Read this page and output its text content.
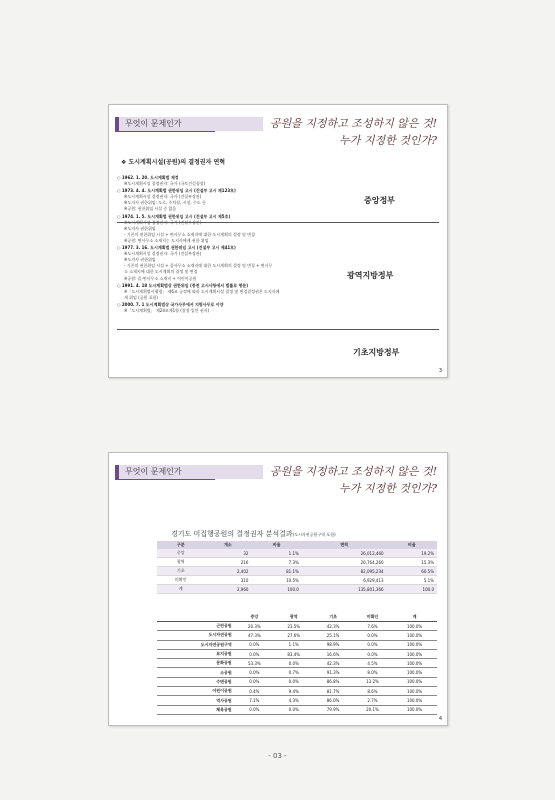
무엇이 문제인가	공원을 지정하고 조성하지 않은 것!
누가 지정한 것인가?
❖ 도시계획시설(공원)의 결정권자 연혁
○ 1962. 1. 20. 도시계획법 제정
※도시계획시설 결정권자: 국가 (국토건설청장)
○ 1973. 4. 4. 도시계획법 권한위임 고시 (건설부 고시 제123호)
※도시계획시설 결정권자: 국가 (건설부장관)
※도지사 권한위임: 도로, 주차장, 시장, 수도 등
※공원: 권한위임 시설 중 없음
○ 1974. 1. 5. 도시계획법 권한위임 고시 (건설부 고시 제5호)
※도시계획시설 결정권자: 국가 (건설부장관)
※도지사 권한위임
- 기존의 권한위임 시설 + 면사무소 소재지에 대한 도시계획의 결정 및 변경
※공원: 면사무소 소재지는 도지사에게 권한 위임
○ 1977. 3. 16. 도시계획법 권한위임 고시 (건설부 고시 제41호)
※도시계획시설 결정권자: 국가 (건설부장관)
※도지사 권한위임
- 기존의 권한위임 시설 + 읍사무소 소재지에 대한 도시계획의 결정 및 변경 + 면사무
소 소재지에 대한 도시계획의 결정 및 변경
※공원: 읍·면사무소 소재지 + 어린이공원
○ 1991. 4. 18 도시계획법상 권한위임 (종전 고시사항에서 법률로 명문)
※「도시계획법시행령」 제6조 규정에 따라 도시계획시설 결정 및 변경결정권은 도지사에
게 위임 (공원 포함)
○ 2000. 7. 1 도시계획법상 국가사무에서 지방사무로 이양
※「도시계획법」 제24조제1항 (결정 입안 권자)
중앙정부
광역지방정부
기초지방정부
3
무엇이 문제인가	공원을 지정하고 조성하지 않은 것!
누가 지정한 것인가?
경기도 미집행공원의 결정권자 분석결과(도시자연공원구역 포함)
구분	개소	비율	면적	비율
중앙	32	1.1%	26,012,460	19.2%
광역	216	7.3%	20,764,260	15.3%
기초	2,402	81.1%	82,095,234	60.5%
미확인	310	10.5%	6,929,413	5.1%
계	2,960	100.0	135,801,366	100.0
	중앙	광역	기초	미확인	계
근린공원	20.3%	23.5%	42.3%	7.6%	100.0%
도시자연공원	47.3%	27.6%	25.1%	0.0%	100.0%
도시자연공원구역	0.0%	1.1%	98.9%	0.0%	100.0%
묘지공원	0.0%	83.4%	16.6%	0.0%	100.0%
문화공원	53.3%	0.0%	42.3%	4.5%	100.0%
소공원	0.0%	0.7%	91.3%	8.0%	100.0%
수변공원	0.0%	0.0%	86.8%	13.2%	100.0%
어린이공원	0.4%	9.4%	81.7%	8.6%	100.0%
역사공원	7.1%	4.3%	86.0%	2.7%	100.0%
체육공원	0.0%	0.0%	79.9%	20.1%	100.0%
4
- 03 -
